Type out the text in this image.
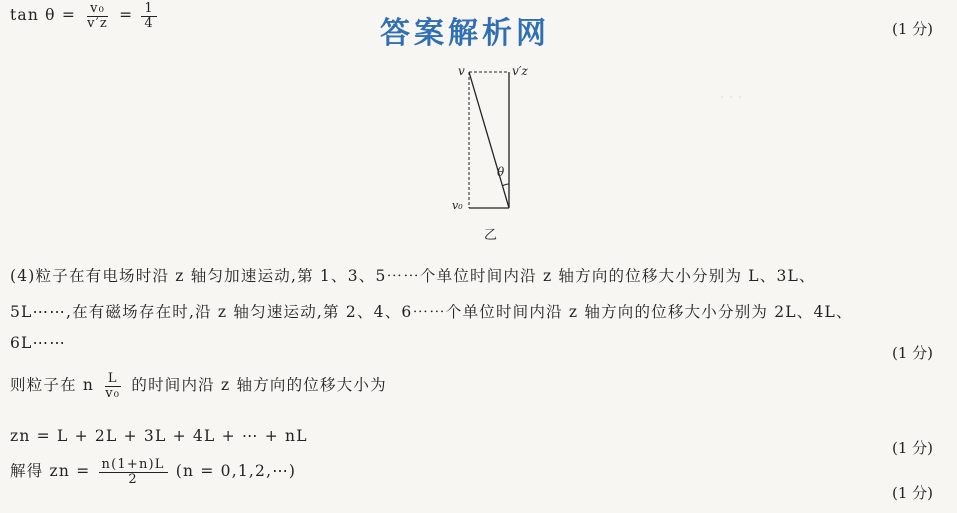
· · ·
$\tan \theta = \frac{\text{v₀}}{v'z} = \frac{1}{4}$	答案解析网	(1 分)
v	v′z
v₀
θ
乙
(4)粒子在有电场时沿 z 轴匀加速运动,第 1、3、5⋯⋯个单位时间内沿 z 轴方向的位移大小分别为 L、3L、
5L⋯⋯,在有磁场存在时,沿 z 轴匀速运动,第 2、4、6⋯⋯个单位时间内沿 z 轴方向的位移大小分别为 2L、4L、
6L⋯⋯
(1 分)
则粒子在 n $\frac{L}{\text{v₀}}$ 的时间内沿 z 轴方向的位移大小为
zn = L + 2L + 3L + 4L + ⋯ + nL
(1 分)
解得 zn = $\frac{n(1+n)L}{2} (n$ = 0,1,2,⋯)
(1 分)
